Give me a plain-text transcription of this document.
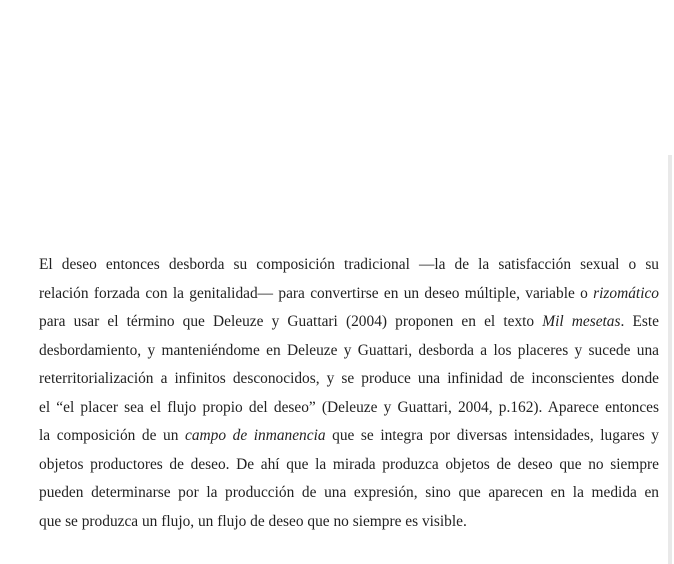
El deseo entonces desborda su composición tradicional —la de la satisfacción sexual o su
relación forzada con la genitalidad— para convertirse en un deseo múltiple, variable o rizomático
para usar el término que Deleuze y Guattari (2004) proponen en el texto Mil mesetas. Este
desbordamiento, y manteniéndome en Deleuze y Guattari, desborda a los placeres y sucede una
reterritorialización a infinitos desconocidos, y se produce una infinidad de inconscientes donde
el “el placer sea el flujo propio del deseo” (Deleuze y Guattari, 2004, p.162). Aparece entonces
la composición de un campo de inmanencia que se integra por diversas intensidades, lugares y
objetos productores de deseo. De ahí que la mirada produzca objetos de deseo que no siempre
pueden determinarse por la producción de una expresión, sino que aparecen en la medida en
que se produzca un flujo, un flujo de deseo que no siempre es visible.
